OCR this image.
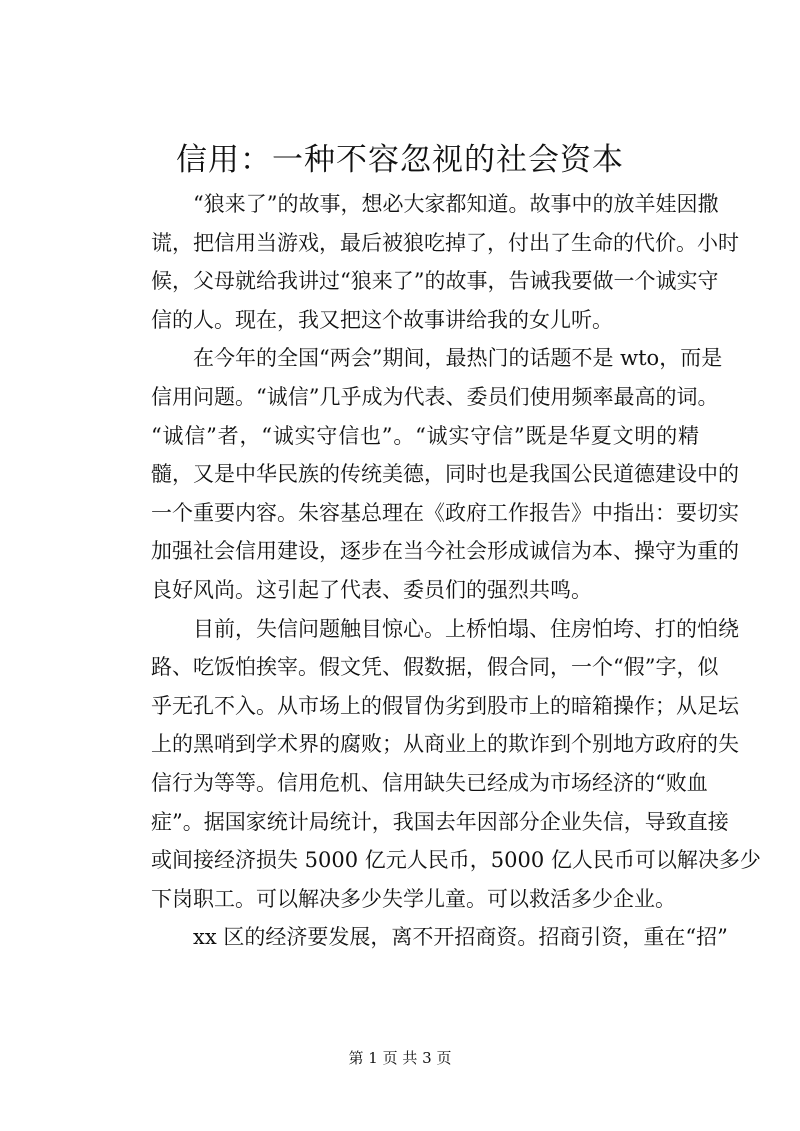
信用：一种不容忽视的社会资本
“狼来了”的故事，想必大家都知道。故事中的放羊娃因撒
谎，把信用当游戏，最后被狼吃掉了，付出了生命的代价。小时
候，父母就给我讲过“狼来了”的故事，告诫我要做一个诚实守
信的人。现在，我又把这个故事讲给我的女儿听。
在今年的全国“两会”期间，最热门的话题不是 wto，而是
信用问题。“诚信”几乎成为代表、委员们使用频率最高的词。
“诚信”者，“诚实守信也”。“诚实守信”既是华夏文明的精
髓，又是中华民族的传统美德，同时也是我国公民道德建设中的
一个重要内容。朱容基总理在《政府工作报告》中指出：要切实
加强社会信用建设，逐步在当今社会形成诚信为本、操守为重的
良好风尚。这引起了代表、委员们的强烈共鸣。
目前，失信问题触目惊心。上桥怕塌、住房怕垮、打的怕绕
路、吃饭怕挨宰。假文凭、假数据，假合同，一个“假”字，似
乎无孔不入。从市场上的假冒伪劣到股市上的暗箱操作；从足坛
上的黑哨到学术界的腐败；从商业上的欺诈到个别地方政府的失
信行为等等。信用危机、信用缺失已经成为市场经济的“败血
症”。据国家统计局统计，我国去年因部分企业失信，导致直接
或间接经济损失 5000 亿元人民币，5000 亿人民币可以解决多少
下岗职工。可以解决多少失学儿童。可以救活多少企业。
xx 区的经济要发展，离不开招商资。招商引资，重在“招”
第 1 页 共 3 页
